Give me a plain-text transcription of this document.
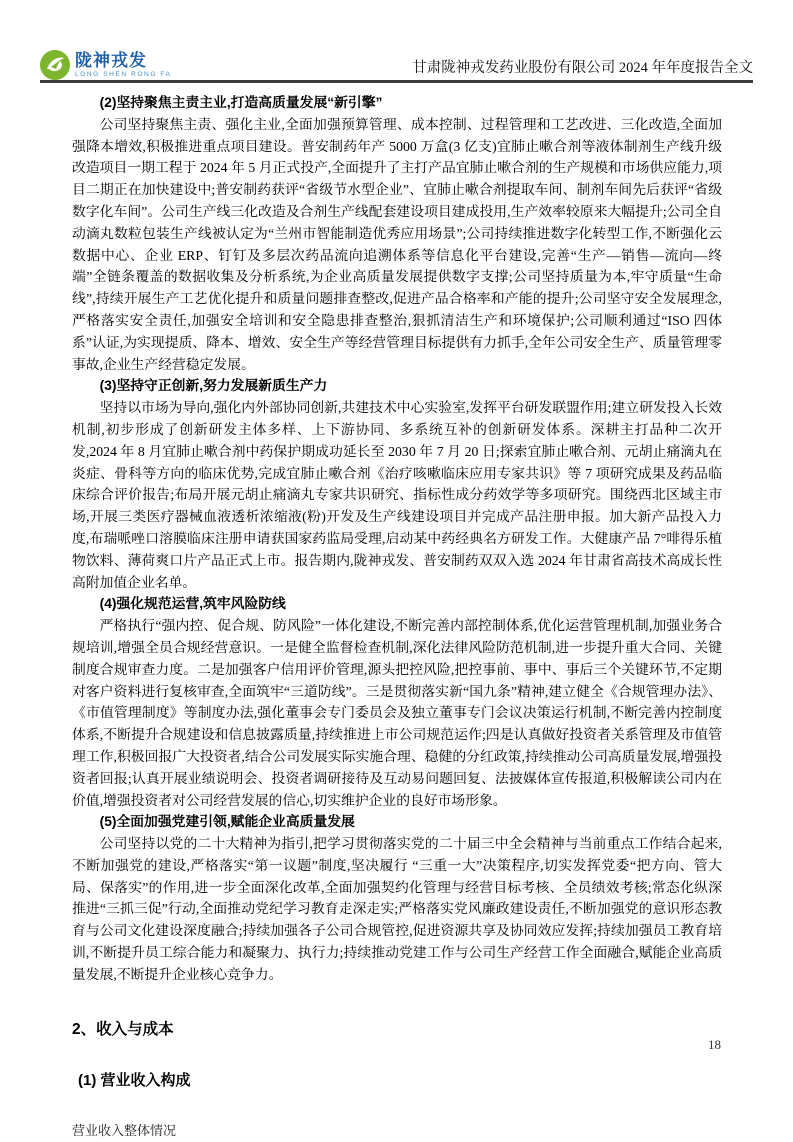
陇神戎发
LONG SHEN RONG FA	甘肃陇神戎发药业股份有限公司 2024 年年度报告全文
(2)坚持聚焦主责主业,打造高质量发展“新引擎”

公司坚持聚焦主责、强化主业,全面加强预算管理、成本控制、过程管理和工艺改进、三化改造,全面加强降本增效,积极推进重点项目建设。普安制药年产 5000 万盒(3 亿支)宜肺止嗽合剂等液体制剂生产线升级改造项目一期工程于 2024 年 5 月正式投产,全面提升了主打产品宜肺止嗽合剂的生产规模和市场供应能力,项目二期正在加快建设中;普安制药获评“省级节水型企业”、宜肺止嗽合剂提取车间、制剂车间先后获评“省级数字化车间”。公司生产线三化改造及合剂生产线配套建设项目建成投用,生产效率较原来大幅提升;公司全自动滴丸数粒包装生产线被认定为“兰州市智能制造优秀应用场景”;公司持续推进数字化转型工作,不断强化云数据中心、企业 ERP、钉钉及多层次药品流向追溯体系等信息化平台建设,完善“生产—销售—流向—终端”全链条覆盖的数据收集及分析系统,为企业高质量发展提供数字支撑;公司坚持质量为本,牢守质量“生命线”,持续开展生产工艺优化提升和质量问题排查整改,促进产品合格率和产能的提升;公司坚守安全发展理念,严格落实安全责任,加强安全培训和安全隐患排查整治,狠抓清洁生产和环境保护;公司顺利通过“ISO 四体系”认证,为实现提质、降本、增效、安全生产等经营管理目标提供有力抓手,全年公司安全生产、质量管理零事故,企业生产经营稳定发展。

(3)坚持守正创新,努力发展新质生产力

坚持以市场为导向,强化内外部协同创新,共建技术中心实验室,发挥平台研发联盟作用;建立研发投入长效机制,初步形成了创新研发主体多样、上下游协同、多系统互补的创新研发体系。深耕主打品种二次开发,2024 年 8 月宜肺止嗽合剂中药保护期成功延长至 2030 年 7 月 20 日;探索宜肺止嗽合剂、元胡止痛滴丸在炎症、骨科等方向的临床优势,完成宜肺止嗽合剂《治疗咳嗽临床应用专家共识》等 7 项研究成果及药品临床综合评价报告;布局开展元胡止痛滴丸专家共识研究、指标性成分药效学等多项研究。围绕西北区域主市场,开展三类医疗器械血液透析浓缩液(粉)开发及生产线建设项目并完成产品注册申报。加大新产品投入力度,布瑞哌唑口溶膜临床注册申请获国家药监局受理,启动某中药经典名方研发工作。大健康产品 7°啡得乐植物饮料、薄荷爽口片产品正式上市。报告期内,陇神戎发、普安制药双双入选 2024 年甘肃省高技术高成长性高附加值企业名单。

(4)强化规范运营,筑牢风险防线

严格执行“强内控、促合规、防风险”一体化建设,不断完善内部控制体系,优化运营管理机制,加强业务合规培训,增强全员合规经营意识。一是健全监督检查机制,深化法律风险防范机制,进一步提升重大合同、关键制度合规审查力度。二是加强客户信用评价管理,源头把控风险,把控事前、事中、事后三个关键环节,不定期对客户资料进行复核审查,全面筑牢“三道防线”。三是贯彻落实新“国九条”精神,建立健全《合规管理办法》、《市值管理制度》等制度办法,强化董事会专门委员会及独立董事专门会议决策运行机制,不断完善内控制度体系,不断提升合规建设和信息披露质量,持续推进上市公司规范运作;四是认真做好投资者关系管理及市值管理工作,积极回报广大投资者,结合公司发展实际实施合理、稳健的分红政策,持续推动公司高质量发展,增强投资者回报;认真开展业绩说明会、投资者调研接待及互动易问题回复、法披媒体宣传报道,积极解读公司内在价值,增强投资者对公司经营发展的信心,切实维护企业的良好市场形象。

(5)全面加强党建引领,赋能企业高质量发展

公司坚持以党的二十大精神为指引,把学习贯彻落实党的二十届三中全会精神与当前重点工作结合起来,不断加强党的建设,严格落实“第一议题”制度,坚决履行 “三重一大”决策程序,切实发挥党委“把方向、管大局、保落实”的作用,进一步全面深化改革,全面加强契约化管理与经营目标考核、全员绩效考核;常态化纵深推进“三抓三促”行动,全面推动党纪学习教育走深走实;严格落实党风廉政建设责任,不断加强党的意识形态教育与公司文化建设深度融合;持续加强各子公司合规管控,促进资源共享及协同效应发挥;持续加强员工教育培训,不断提升员工综合能力和凝聚力、执行力;持续推动党建工作与公司生产经营工作全面融合,赋能企业高质量发展,不断提升企业核心竞争力。

2、收入与成本
(1) 营业收入构成
营业收入整体情况
18
